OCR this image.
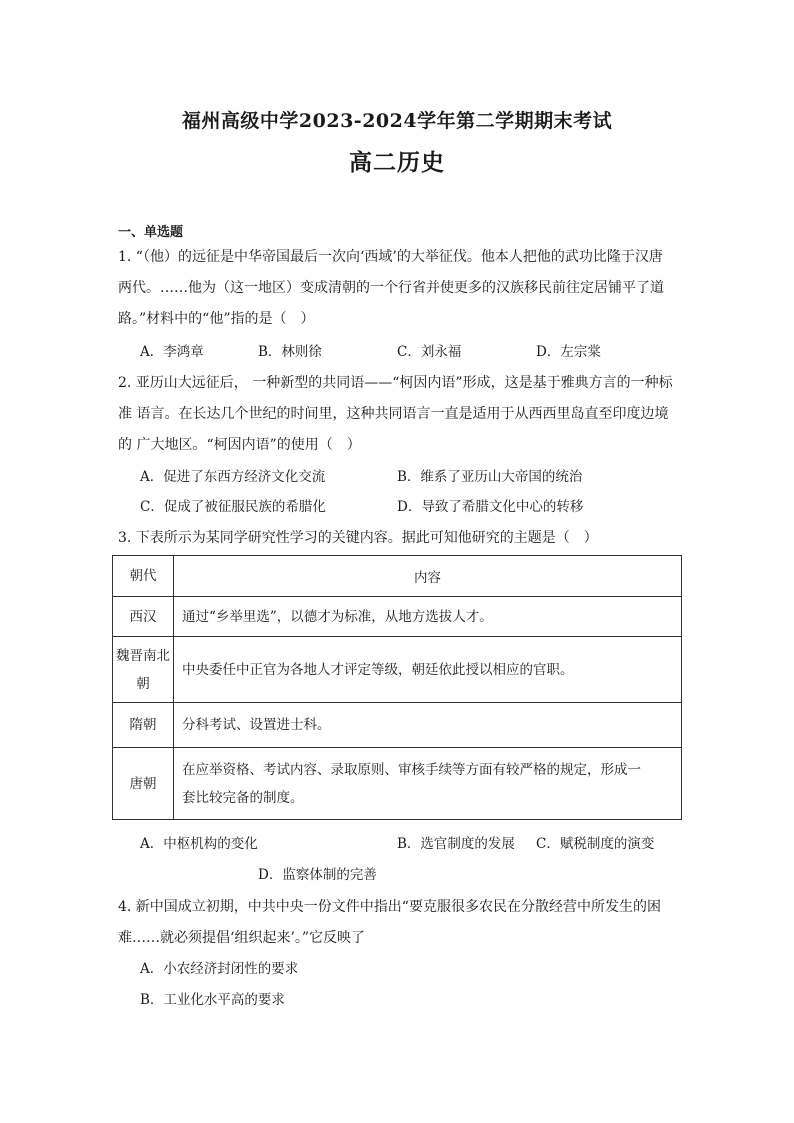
福州高级中学2023-2024学年第二学期期末考试
高二历史
一、单选题
1. “（他）的远征是中华帝国最后一次向‘西域’的大举征伐。他本人把他的武功比隆于汉唐
两代。……他为（这一地区）变成清朝的一个行省并使更多的汉族移民前往定居铺平了道
路。”材料中的“他”指的是（　）
A．李鸿章	B．林则徐	C．刘永福	D．左宗棠
2. 亚历山大远征后， 一种新型的共同语——“柯因内语”形成，这是基于雅典方言的一种标
准 语言。在长达几个世纪的时间里，这种共同语言一直是适用于从西西里岛直至印度边境
的 广大地区。“柯因内语”的使用（　）
A．促进了东西方经济文化交流	B．维系了亚历山大帝国的统治
C．促成了被征服民族的希腊化	D．导致了希腊文化中心的转移
3. 下表所示为某同学研究性学习的关键内容。据此可知他研究的主题是（　）
朝代	内容
西汉	通过“乡举里选”，以德才为标准，从地方选拔人才。
魏晋南北
朝	中央委任中正官为各地人才评定等级，朝廷依此授以相应的官职。
隋朝	分科考试、设置进士科。
唐朝	在应举资格、考试内容、录取原则、审核手续等方面有较严格的规定，形成一
套比较完备的制度。
A．中枢机构的变化	B．选官制度的发展 C．赋税制度的演变
D．监察体制的完善
4. 新中国成立初期，中共中央一份文件中指出“要克服很多农民在分散经营中所发生的困
难……就必须提倡‘组织起来’。”它反映了
A．小农经济封闭性的要求
B．工业化水平高的要求
